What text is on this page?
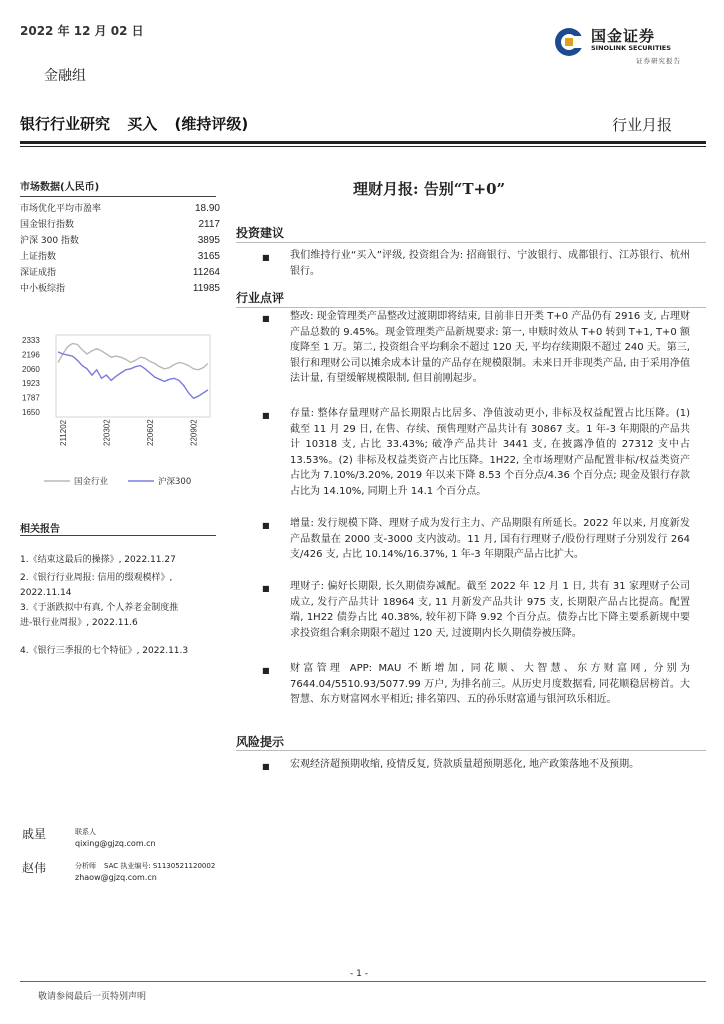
2022 年 12 月 02 日	国金证券
SINOLINK SECURITIES
证券研究报告
金融组
银行行业研究 买入 (维持评级)	行业月报
市场数据(人民币)
市场优化平均市盈率	18.90
国金银行指数	2117
沪深 300 指数	3895
上证指数	3165
深证成指	11264
中小板综指	11985
2333
2196
2060
1923
1787
1650
211202	220302	220602	220902
国金行业	沪深300
相关报告
1.《结束这最后的操搽》, 2022.11.27
2.《银行行业周报: 信用的缀观模样》,
2022.11.14
3.《于浙跌拟中有真, 个人养老金制度推
进-银行业周报》, 2022.11.6
4.《银行三季报的七个特征》, 2022.11.3
戚星	联系人
qixing@gjzq.com.cn
赵伟	分析师 SAC 执业编号: S1130521120002
zhaow@gjzq.com.cn
理财月报: 告别“T+0”
投资建议
■ 我们维持行业“买入”评级, 投资组合为: 招商银行、宁波银行、成都银行、江苏银行、杭州银行。
行业点评
■ 整改: 现金管理类产品整改过渡期即将结束, 目前非日开类 T+0 产品仍有 2916 支, 占理财产品总数的 9.45%。现金管理类产品新规要求: 第一, 申赎时效从 T+0 转到 T+1, T+0 额度降至 1 万。第二, 投资组合平均剩余不超过 120 天, 平均存续期限不超过 240 天。第三, 银行和理财公司以摊余成本计量的产品存在规模限制。未来日开非现类产品, 由于采用净值法计量, 有望缓解规模限制, 但目前刚起步。
■ 存量: 整体存量理财产品长期限占比居多、净值波动更小, 非标及权益配置占比压降。(1) 截至 11 月 29 日, 在售、存续、预售理财产品共计有 30867 支。1 年-3 年期限的产品共计 10318 支, 占比 33.43%; 破净产品共计 3441 支, 在披露净值的 27312 支中占 13.53%。(2) 非标及权益类资产占比压降。1H22, 全市场理财产品配置非标/权益类资产占比为 7.10%/3.20%, 2019 年以来下降 8.53 个百分点/4.36 个百分点; 现金及银行存款占比为 14.10%, 同期上升 14.1 个百分点。
■ 增量: 发行规模下降、理财子成为发行主力、产品期限有所延长。2022 年以来, 月度新发产品数量在 2000 支-3000 支内波动。11 月, 国有行理财子/股份行理财子分别发行 264 支/426 支, 占比 10.14%/16.37%, 1 年-3 年期限产品占比扩大。
■ 理财子: 偏好长期限, 长久期债券减配。截至 2022 年 12 月 1 日, 共有 31 家理财子公司成立, 发行产品共计 18964 支, 11 月新发产品共计 975 支, 长期限产品占比提高。配置端, 1H22 债券占比 40.38%, 较年初下降 9.92 个百分点。债券占比下降主要系新规中要求投资组合剩余期限不超过 120 天, 过渡期内长久期债券被压降。
■ 财富管理 APP: MAU 不断增加, 同花顺、大智慧、东方财富网, 分别为 7644.04/5510.93/5077.99 万户, 为排名前三。从历史月度数据看, 同花顺稳居榜首。大智慧、东方财富网水平相近; 排名第四、五的孙乐财富通与银河玖乐相近。
风险提示
■ 宏观经济超预期收缩, 疫情反复, 贷款质量超预期恶化, 地产政策落地不及预期。
- 1 -
敬请参阅最后一页特别声明
